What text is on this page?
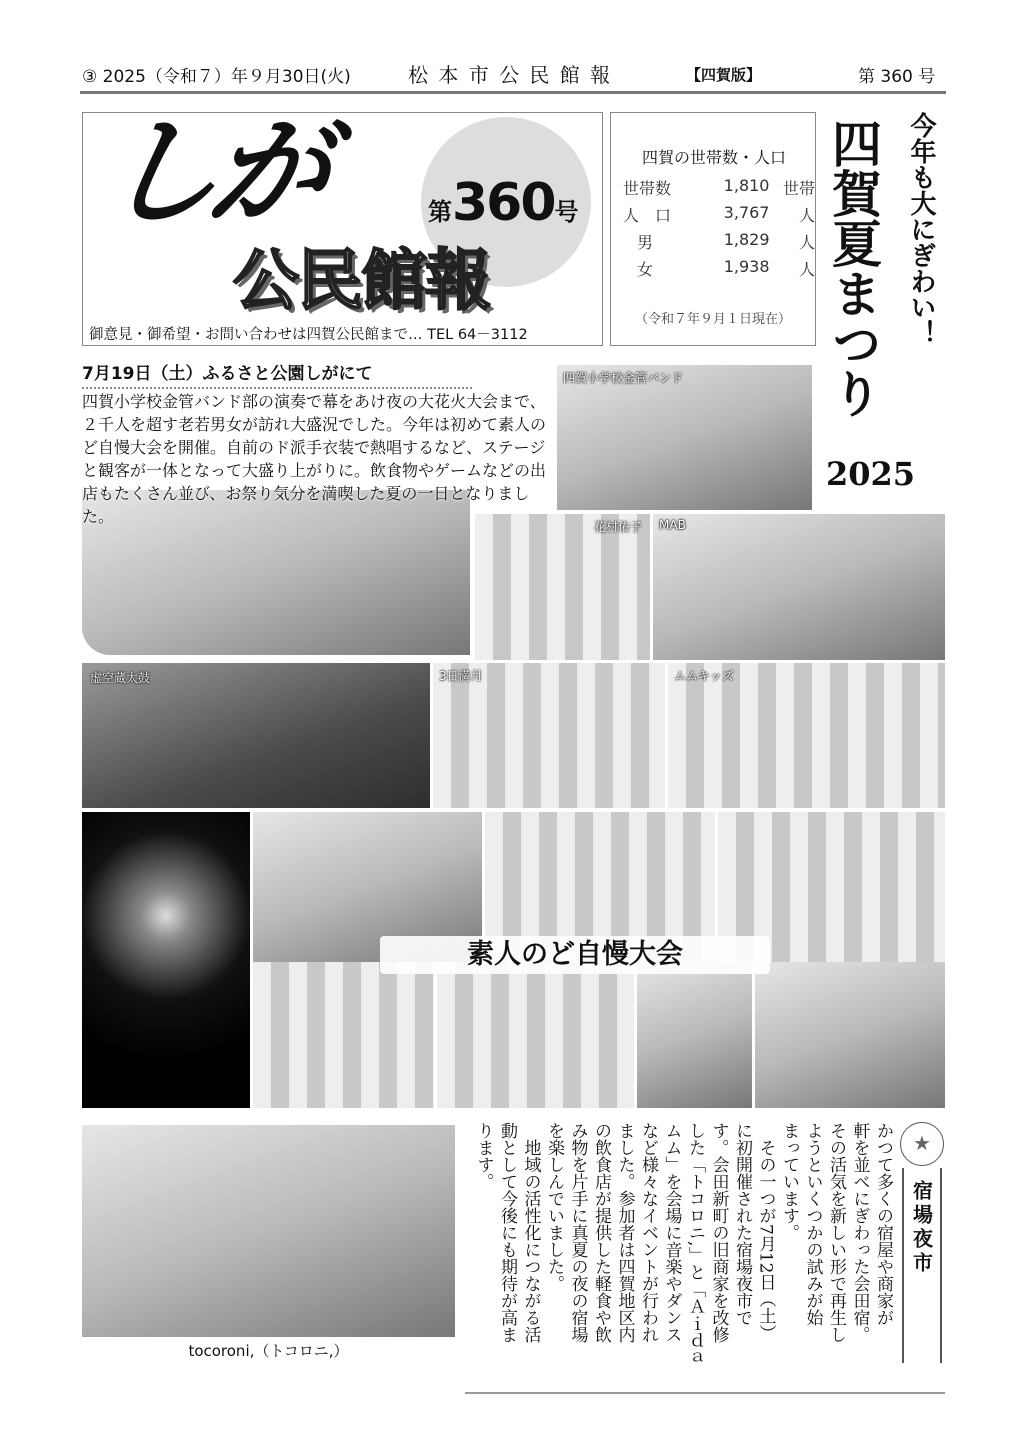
③ 2025（令和７）年９月30日(火)	松 本 市 公 民 館 報	【四賀版】	第 360 号
しが	第360号
公民館報
御意見・御希望・お問い合わせは四賀公民館まで… TEL 64－3112
四賀の世帯数・人口
世帯数	1,810 世帯
人　口	3,767	人
男	1,829	人
女	1,938	人
（令和７年９月１日現在）	今年も大にぎわい！
四賀夏まつり
2025
7月19日（土）ふるさと公園しがにて
四賀小学校金管バンド部の演奏で幕をあけ夜の大花火大会まで、２千人を超す老若男女が訪れ大盛況でした。今年は初めて素人のど自慢大会を開催。自前のド派手衣装で熱唱するなど、ステージと観客が一体となって大盛り上がりに。飲食物やゲームなどの出店もたくさん並び、お祭り気分を満喫した夏の一日となりました。
四賀小学校金管バンド
花村佑子 MAB
虚空蔵太鼓	3日満月	ムムキッズ
素人のど自慢大会
tocoroni,（トコロニ,）
★
宿場夜市
かつて多くの宿屋や商家が
軒を並べにぎわった会田宿。
その活気を新しい形で再生し
ようといくつかの試みが始
まっています。
　その一つが7月12日（土）
に初開催された宿場夜市で
す。会田新町の旧商家を改修
した「トコロニ,」と「Ａｉｄａ
ムム」を会場に音楽やダンス
など様々なイベントが行われ
ました。参加者は四賀地区内
の飲食店が提供した軽食や飲
み物を片手に真夏の夜の宿場
を楽しんでいました。
　地域の活性化につながる活
動として今後にも期待が高ま
ります。
